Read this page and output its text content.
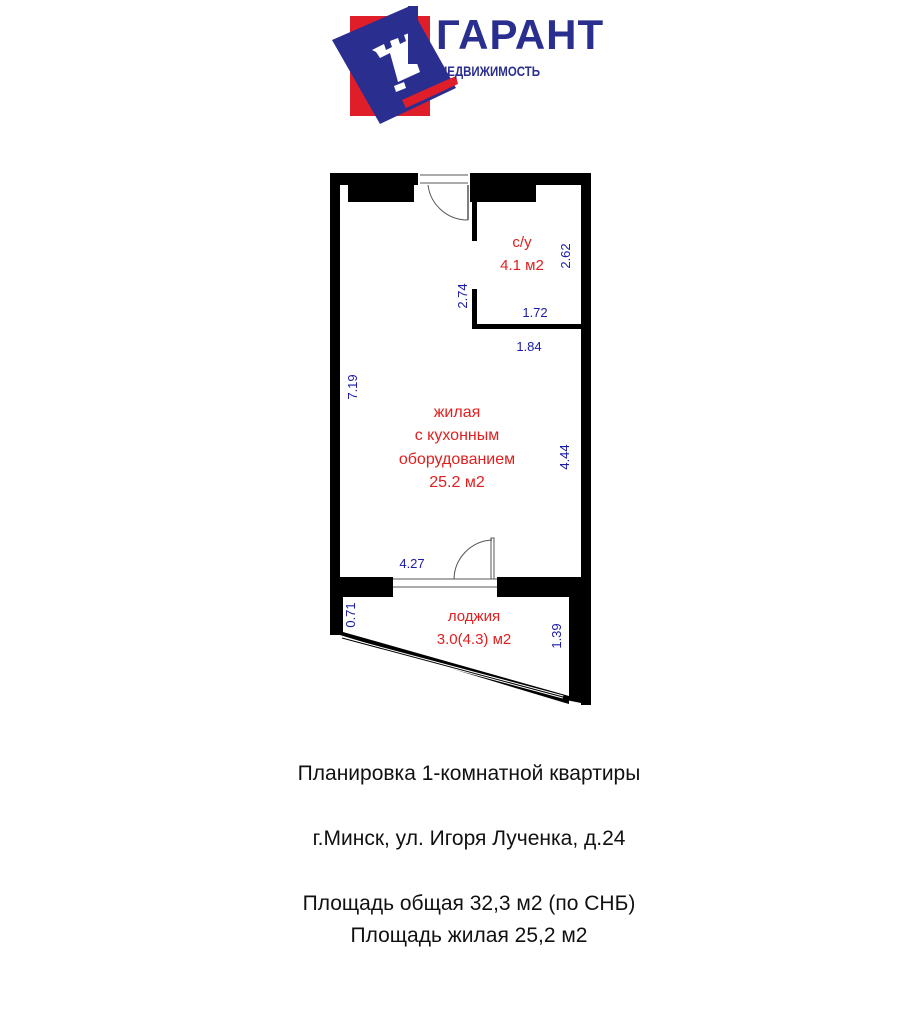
ГАРАНТ
НЕДВИЖИМОСТЬ
с/у
4.1 м2
жилая
с кухонным
оборудованием
25.2 м2
лоджия
3.0(4.3) м2
2.62
2.74
1.72
1.84
7.19
4.44
4.27
0.71
1.39
Планировка 1-комнатной квартиры
г.Минск, ул. Игоря Лученка, д.24
Площадь общая 32,3 м2 (по СНБ)
Площадь жилая 25,2 м2
